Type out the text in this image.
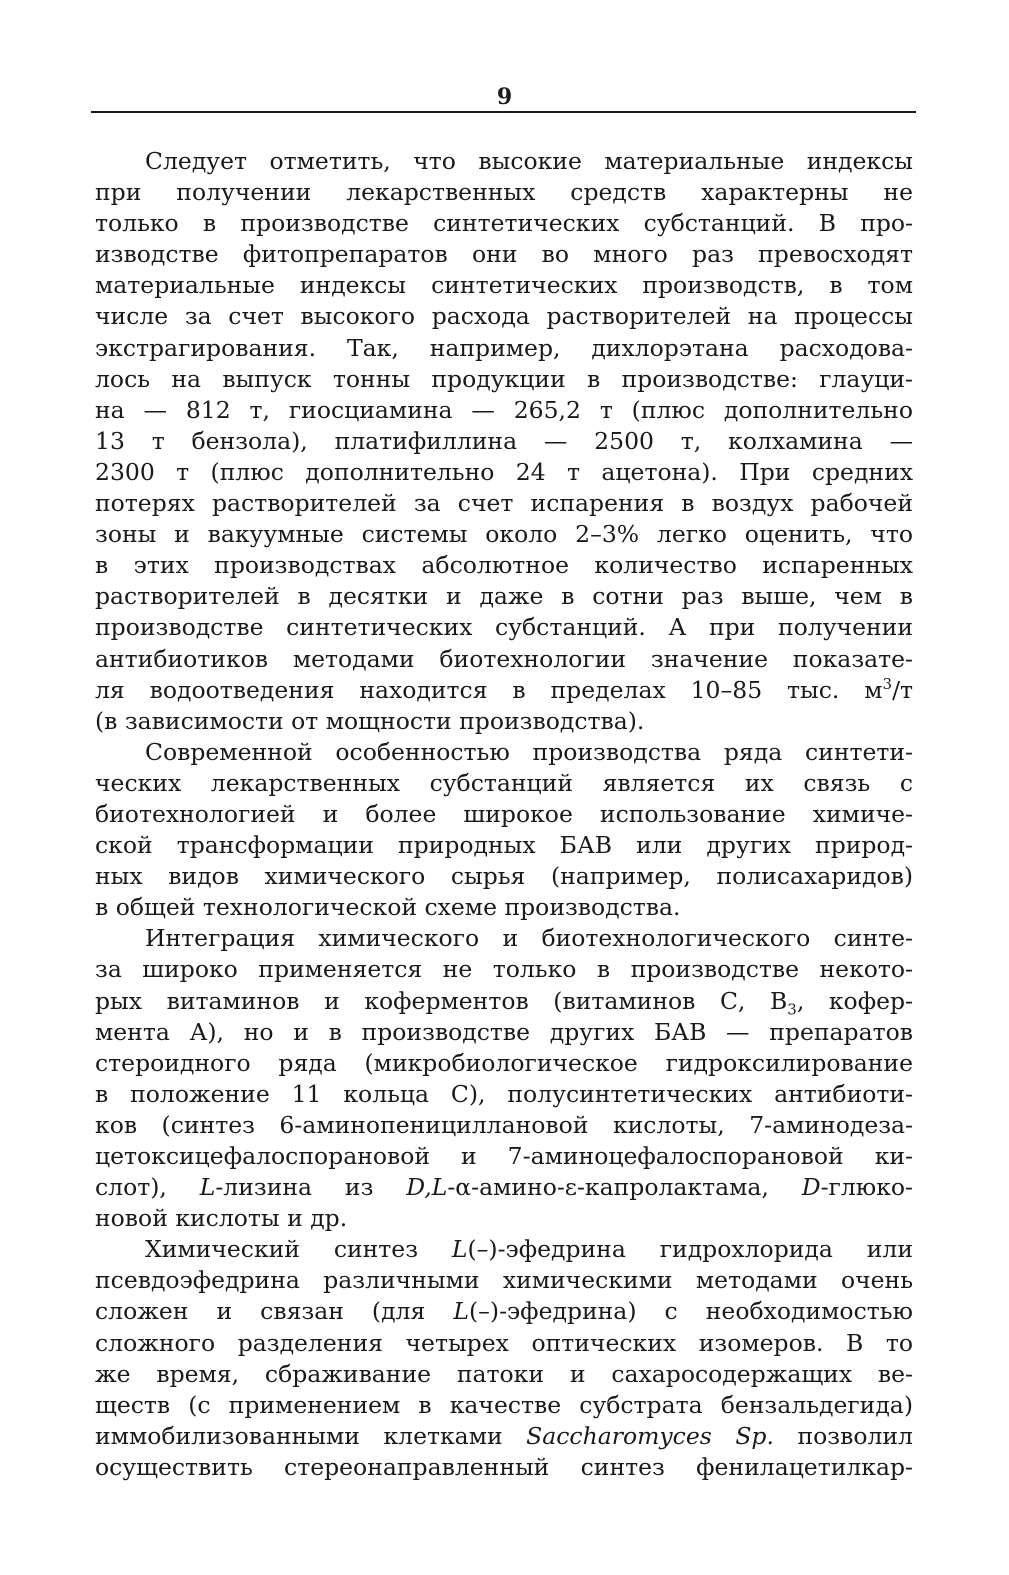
9
Следует отметить, что высокие материальные индексы
при получении лекарственных средств характерны не
только в производстве синтетических субстанций. В про-
изводстве фитопрепаратов они во много раз превосходят
материальные индексы синтетических производств, в том
числе за счет высокого расхода растворителей на процессы
экстрагирования. Так, например, дихлорэтана расходова-
лось на выпуск тонны продукции в производстве: глауци-
на — 812 т, гиосциамина — 265,2 т (плюс дополнительно
13 т бензола), платифиллина — 2500 т, колхамина —
2300 т (плюс дополнительно 24 т ацетона). При средних
потерях растворителей за счет испарения в воздух рабочей
зоны и вакуумные системы около 2–3% легко оценить, что
в этих производствах абсолютное количество испаренных
растворителей в десятки и даже в сотни раз выше, чем в
производстве синтетических субстанций. А при получении
антибиотиков методами биотехнологии значение показате-
ля водоотведения находится в пределах 10–85 тыс. $м^3/т$
(в зависимости от мощности производства).
Современной особенностью производства ряда синтети-
ческих лекарственных субстанций является их связь с
биотехнологией и более широкое использование химиче-
ской трансформации природных БАВ или других природ-
ных видов химического сырья (например, полисахаридов)
в общей технологической схеме производства.
Интеграция химического и биотехнологического синте-
за широко применяется не только в производстве некото-
рых витаминов и коферментов (витаминов С, $В_3$, кофер-
мента А), но и в производстве других БАВ — препаратов
стероидного ряда (микробиологическое гидроксилирование
в положение 11 кольца С), полусинтетических антибиоти-
ков (синтез 6-аминопенициллановой кислоты, 7-аминодеза-
цетоксицефалоспорановой и 7-аминоцефалоспорановой ки-
слот), L-лизина из D,L-α-амино-ε-капролактама, D-глюко-
новой кислоты и др.
Химический синтез L(–)-эфедрина гидрохлорида или
псевдоэфедрина различными химическими методами очень
сложен и связан (для L(–)-эфедрина) с необходимостью
сложного разделения четырех оптических изомеров. В то
же время, сбраживание патоки и сахаросодержащих ве-
ществ (с применением в качестве субстрата бензальдегида)
иммобилизованными клетками Saccharomyces Sp. позволил
осуществить стереонаправленный синтез фенилацетилкар-
